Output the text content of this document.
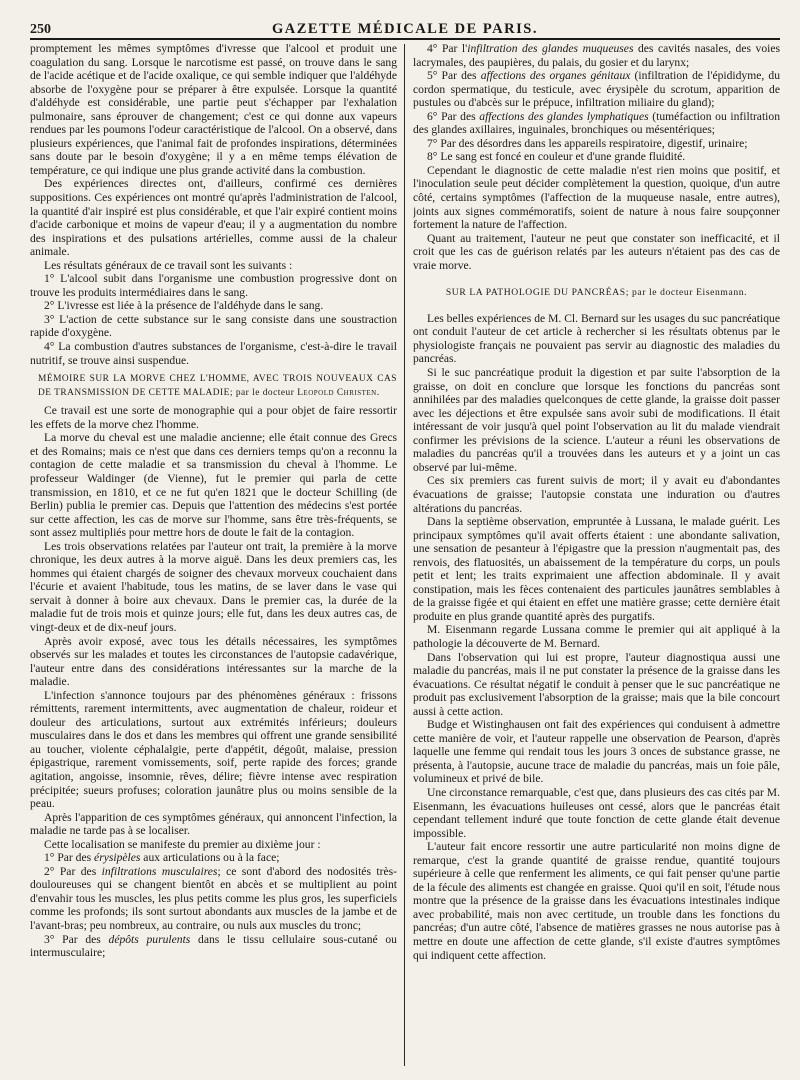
250	GAZETTE MÉDICALE DE PARIS.

promptement les mêmes symptômes d'ivresse que l'alcool et produit une coagulation du sang. Lorsque le narcotisme est passé, on trouve dans le sang de l'acide acétique et de l'acide oxalique, ce qui semble indiquer que l'aldéhyde absorbe de l'oxygène pour se préparer à être expulsée. Lorsque la quantité d'aldéhyde est considérable, une partie peut s'échapper par l'exhalation pulmonaire, sans éprouver de changement; c'est ce qui donne aux vapeurs rendues par les poumons l'odeur caractéristique de l'alcool. On a observé, dans plusieurs expériences, que l'animal fait de profondes inspirations, déterminées sans doute par le besoin d'oxygène; il y a en même temps élévation de température, ce qui indique une plus grande activité dans la combustion.

Des expériences directes ont, d'ailleurs, confirmé ces dernières suppositions. Ces expériences ont montré qu'après l'administration de l'alcool, la quantité d'air inspiré est plus considérable, et que l'air expiré contient moins d'acide carbonique et moins de vapeur d'eau; il y a augmentation du nombre des inspirations et des pulsations artérielles, comme aussi de la chaleur animale.

Les résultats généraux de ce travail sont les suivants :

1° L'alcool subit dans l'organisme une combustion progressive dont on trouve les produits intermédiaires dans le sang.

2° L'ivresse est liée à la présence de l'aldéhyde dans le sang.

3° L'action de cette substance sur le sang consiste dans une soustraction rapide d'oxygène.

4° La combustion d'autres substances de l'organisme, c'est-à-dire le travail nutritif, se trouve ainsi suspendue.

MÉMOIRE SUR LA MORVE CHEZ L'HOMME, AVEC TROIS NOUVEAUX CAS DE TRANSMISSION DE CETTE MALADIE; par le docteur Leopold Christen.

Ce travail est une sorte de monographie qui a pour objet de faire ressortir les effets de la morve chez l'homme.

La morve du cheval est une maladie ancienne; elle était connue des Grecs et des Romains; mais ce n'est que dans ces derniers temps qu'on a reconnu la contagion de cette maladie et sa transmission du cheval à l'homme. Le professeur Waldinger (de Vienne), fut le premier qui parla de cette transmission, en 1810, et ce ne fut qu'en 1821 que le docteur Schilling (de Berlin) publia le premier cas. Depuis que l'attention des médecins s'est portée sur cette affection, les cas de morve sur l'homme, sans être très-fréquents, se sont assez multipliés pour mettre hors de doute le fait de la contagion.

Les trois observations relatées par l'auteur ont trait, la première à la morve chronique, les deux autres à la morve aiguë. Dans les deux premiers cas, les hommes qui étaient chargés de soigner des chevaux morveux couchaient dans l'écurie et avaient l'habitude, tous les matins, de se laver dans le vase qui servait à donner à boire aux chevaux. Dans le premier cas, la durée de la maladie fut de trois mois et quinze jours; elle fut, dans les deux autres cas, de vingt-deux et de dix-neuf jours.

Après avoir exposé, avec tous les détails nécessaires, les symptômes observés sur les malades et toutes les circonstances de l'autopsie cadavérique, l'auteur entre dans des considérations intéressantes sur la marche de la maladie.

L'infection s'annonce toujours par des phénomènes généraux : frissons rémittents, rarement intermittents, avec augmentation de chaleur, roideur et douleur des articulations, surtout aux extrémités inférieurs; douleurs musculaires dans le dos et dans les membres qui offrent une grande sensibilité au toucher, violente céphalalgie, perte d'appétit, dégoût, malaise, pression épigastrique, rarement vomissements, soif, perte rapide des forces; grande agitation, angoisse, insomnie, rêves, délire; fièvre intense avec respiration précipitée; sueurs profuses; coloration jaunâtre plus ou moins sensible de la peau.

Après l'apparition de ces symptômes généraux, qui annoncent l'infection, la maladie ne tarde pas à se localiser.

Cette localisation se manifeste du premier au dixième jour :

1° Par des érysipèles aux articulations ou à la face;

2° Par des infiltrations musculaires; ce sont d'abord des nodosités très-douloureuses qui se changent bientôt en abcès et se multiplient au point d'envahir tous les muscles, les plus petits comme les plus gros, les superficiels comme les profonds; ils sont surtout abondants aux muscles de la jambe et de l'avant-bras; peu nombreux, au contraire, ou nuls aux muscles du tronc;

3° Par des dépôts purulents dans le tissu cellulaire sous-cutané ou intermusculaire;

4° Par l'infiltration des glandes muqueuses des cavités nasales, des voies lacrymales, des paupières, du palais, du gosier et du larynx;

5° Par des affections des organes génitaux (infiltration de l'épididyme, du cordon spermatique, du testicule, avec érysipèle du scrotum, apparition de pustules ou d'abcès sur le prépuce, infiltration miliaire du gland);

6° Par des affections des glandes lymphatiques (tuméfaction ou infiltration des glandes axillaires, inguinales, bronchiques ou mésentériques;

7° Par des désordres dans les appareils respiratoire, digestif, urinaire;

8° Le sang est foncé en couleur et d'une grande fluidité.

Cependant le diagnostic de cette maladie n'est rien moins que positif, et l'inoculation seule peut décider complètement la question, quoique, d'un autre côté, certains symptômes (l'affection de la muqueuse nasale, entre autres), joints aux signes commémoratifs, soient de nature à nous faire soupçonner fortement la nature de l'affection.

Quant au traitement, l'auteur ne peut que constater son inefficacité, et il croit que les cas de guérison relatés par les auteurs n'étaient pas des cas de vraie morve.

SUR LA PATHOLOGIE DU PANCRÉAS; par le docteur Eisenmann.

Les belles expériences de M. Cl. Bernard sur les usages du suc pancréatique ont conduit l'auteur de cet article à rechercher si les résultats obtenus par le physiologiste français ne pouvaient pas servir au diagnostic des maladies du pancréas.

Si le suc pancréatique produit la digestion et par suite l'absorption de la graisse, on doit en conclure que lorsque les fonctions du pancréas sont annihilées par des maladies quelconques de cette glande, la graisse doit passer avec les déjections et être expulsée sans avoir subi de modifications. Il était intéressant de voir jusqu'à quel point l'observation au lit du malade viendrait confirmer les prévisions de la science. L'auteur a réuni les observations de maladies du pancréas qu'il a trouvées dans les auteurs et y a joint un cas observé par lui-même.

Ces six premiers cas furent suivis de mort; il y avait eu d'abondantes évacuations de graisse; l'autopsie constata une induration ou d'autres altérations du pancréas.

Dans la septième observation, empruntée à Lussana, le malade guérit. Les principaux symptômes qu'il avait offerts étaient : une abondante salivation, une sensation de pesanteur à l'épigastre que la pression n'augmentait pas, des renvois, des flatuosités, un abaissement de la température du corps, un pouls petit et lent; les traits exprimaient une affection abdominale. Il y avait constipation, mais les fèces contenaient des particules jaunâtres semblables à de la graisse figée et qui étaient en effet une matière grasse; cette dernière était produite en plus grande quantité après des purgatifs.

M. Eisenmann regarde Lussana comme le premier qui ait appliqué à la pathologie la découverte de M. Bernard.

Dans l'observation qui lui est propre, l'auteur diagnostiqua aussi une maladie du pancréas, mais il ne put constater la présence de la graisse dans les évacuations. Ce résultat négatif le conduit à penser que le suc pancréatique ne produit pas exclusivement l'absorption de la graisse; mais que la bile concourt aussi à cette action.

Budge et Wistinghausen ont fait des expériences qui conduisent à admettre cette manière de voir, et l'auteur rappelle une observation de Pearson, d'après laquelle une femme qui rendait tous les jours 3 onces de substance grasse, ne présenta, à l'autopsie, aucune trace de maladie du pancréas, mais un foie pâle, volumineux et privé de bile.

Une circonstance remarquable, c'est que, dans plusieurs des cas cités par M. Eisenmann, les évacuations huileuses ont cessé, alors que le pancréas était cependant tellement induré que toute fonction de cette glande était devenue impossible.

L'auteur fait encore ressortir une autre particularité non moins digne de remarque, c'est la grande quantité de graisse rendue, quantité toujours supérieure à celle que renferment les aliments, ce qui fait penser qu'une partie de la fécule des aliments est changée en graisse. Quoi qu'il en soit, l'étude nous montre que la présence de la graisse dans les évacuations intestinales indique avec probabilité, mais non avec certitude, un trouble dans les fonctions du pancréas; d'un autre côté, l'absence de matières grasses ne nous autorise pas à mettre en doute une affection de cette glande, s'il existe d'autres symptômes qui indiquent cette affection.
